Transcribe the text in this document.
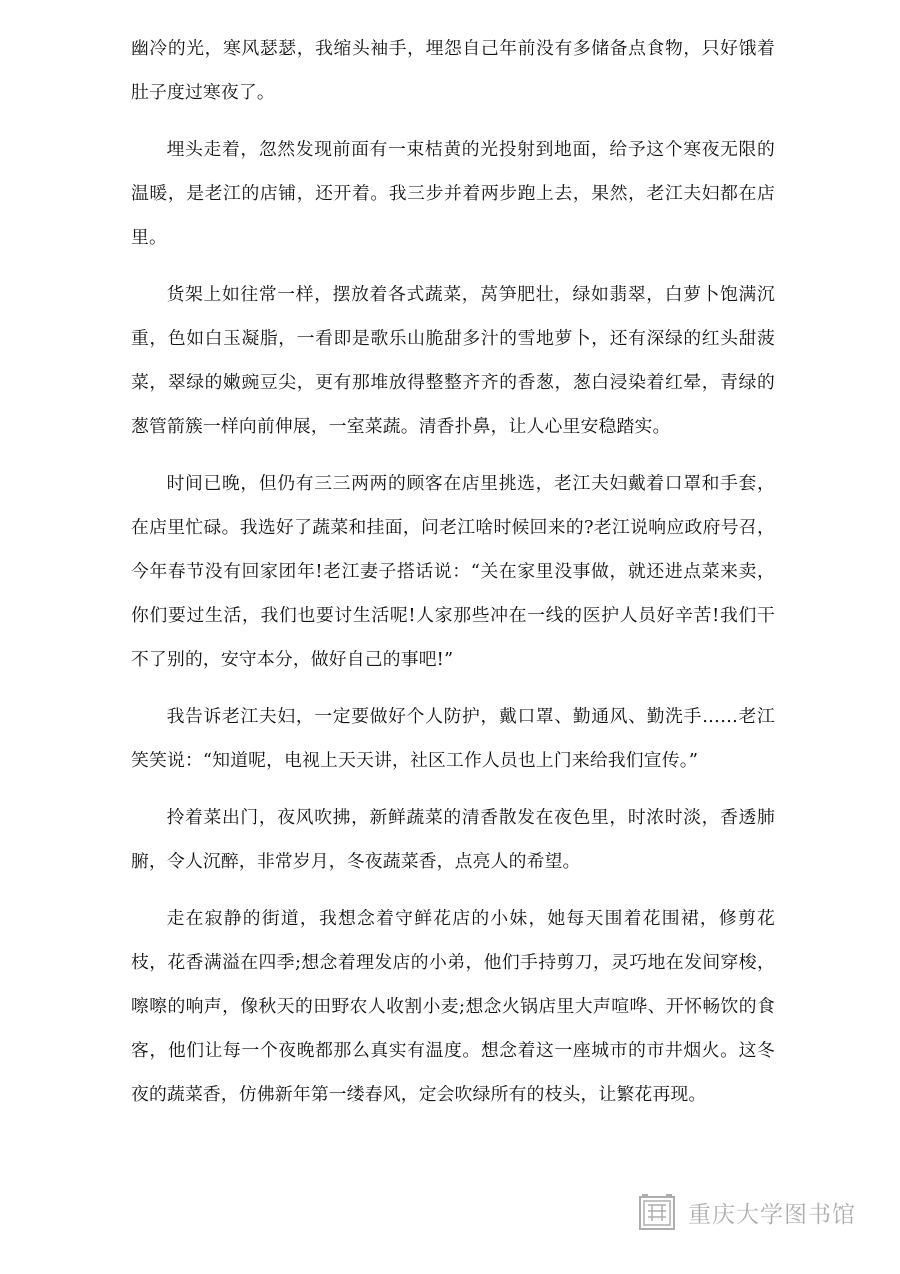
幽冷的光，寒风瑟瑟，我缩头袖手，埋怨自己年前没有多储备点食物，只好饿着肚子度过寒夜了。

埋头走着，忽然发现前面有一束桔黄的光投射到地面，给予这个寒夜无限的温暖，是老江的店铺，还开着。我三步并着两步跑上去，果然，老江夫妇都在店里。

货架上如往常一样，摆放着各式蔬菜，莴笋肥壮，绿如翡翠，白萝卜饱满沉重，色如白玉凝脂，一看即是歌乐山脆甜多汁的雪地萝卜，还有深绿的红头甜菠菜，翠绿的嫩豌豆尖，更有那堆放得整整齐齐的香葱，葱白浸染着红晕，青绿的葱管箭簇一样向前伸展，一室菜蔬。清香扑鼻，让人心里安稳踏实。

时间已晚，但仍有三三两两的顾客在店里挑选，老江夫妇戴着口罩和手套，在店里忙碌。我选好了蔬菜和挂面，问老江啥时候回来的?老江说响应政府号召，今年春节没有回家团年!老江妻子搭话说：“关在家里没事做，就还进点菜来卖，你们要过生活，我们也要讨生活呢!人家那些冲在一线的医护人员好辛苦!我们干不了别的，安守本分，做好自己的事吧!”

我告诉老江夫妇，一定要做好个人防护，戴口罩、勤通风、勤洗手……老江笑笑说：“知道呢，电视上天天讲，社区工作人员也上门来给我们宣传。”

拎着菜出门，夜风吹拂，新鲜蔬菜的清香散发在夜色里，时浓时淡，香透肺腑，令人沉醉，非常岁月，冬夜蔬菜香，点亮人的希望。

走在寂静的街道，我想念着守鲜花店的小妹，她每天围着花围裙，修剪花枝，花香满溢在四季;想念着理发店的小弟，他们手持剪刀，灵巧地在发间穿梭，嚓嚓的响声，像秋天的田野农人收割小麦;想念火锅店里大声喧哗、开怀畅饮的食客，他们让每一个夜晚都那么真实有温度。想念着这一座城市的市井烟火。这冬夜的蔬菜香，仿佛新年第一缕春风，定会吹绿所有的枝头，让繁花再现。

重庆大学图书馆
